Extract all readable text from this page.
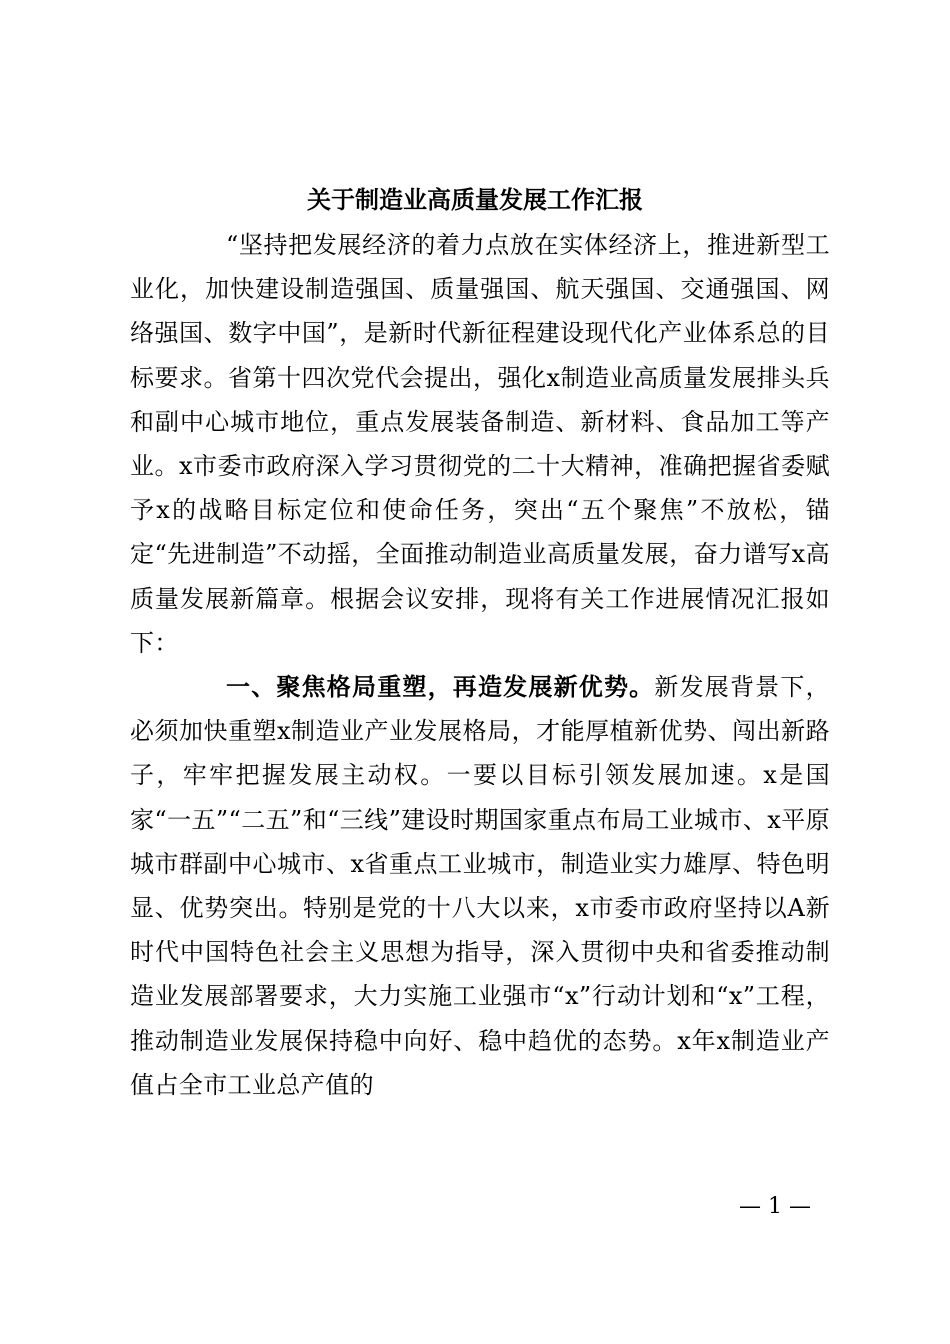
关于制造业高质量发展工作汇报

“坚持把发展经济的着力点放在实体经济上，推进新型工业化，加快建设制造强国、质量强国、航天强国、交通强国、网络强国、数字中国”，是新时代新征程建设现代化产业体系总的目标要求。省第十四次党代会提出，强化x制造业高质量发展排头兵和副中心城市地位，重点发展装备制造、新材料、食品加工等产业。x市委市政府深入学习贯彻党的二十大精神，准确把握省委赋予x的战略目标定位和使命任务，突出“五个聚焦”不放松，锚定“先进制造”不动摇，全面推动制造业高质量发展，奋力谱写x高质量发展新篇章。根据会议安排，现将有关工作进展情况汇报如下：

一、聚焦格局重塑，再造发展新优势。新发展背景下，必须加快重塑x制造业产业发展格局，才能厚植新优势、闯出新路子，牢牢把握发展主动权。一要以目标引领发展加速。x是国家“一五”“二五”和“三线”建设时期国家重点布局工业城市、x平原城市群副中心城市、x省重点工业城市，制造业实力雄厚、特色明显、优势突出。特别是党的十八大以来，x市委市政府坚持以A新时代中国特色社会主义思想为指导，深入贯彻中央和省委推动制造业发展部署要求，大力实施工业强市“x”行动计划和“x”工程，推动制造业发展保持稳中向好、稳中趋优的态势。x年x制造业产值占全市工业总产值的

— 1 —
